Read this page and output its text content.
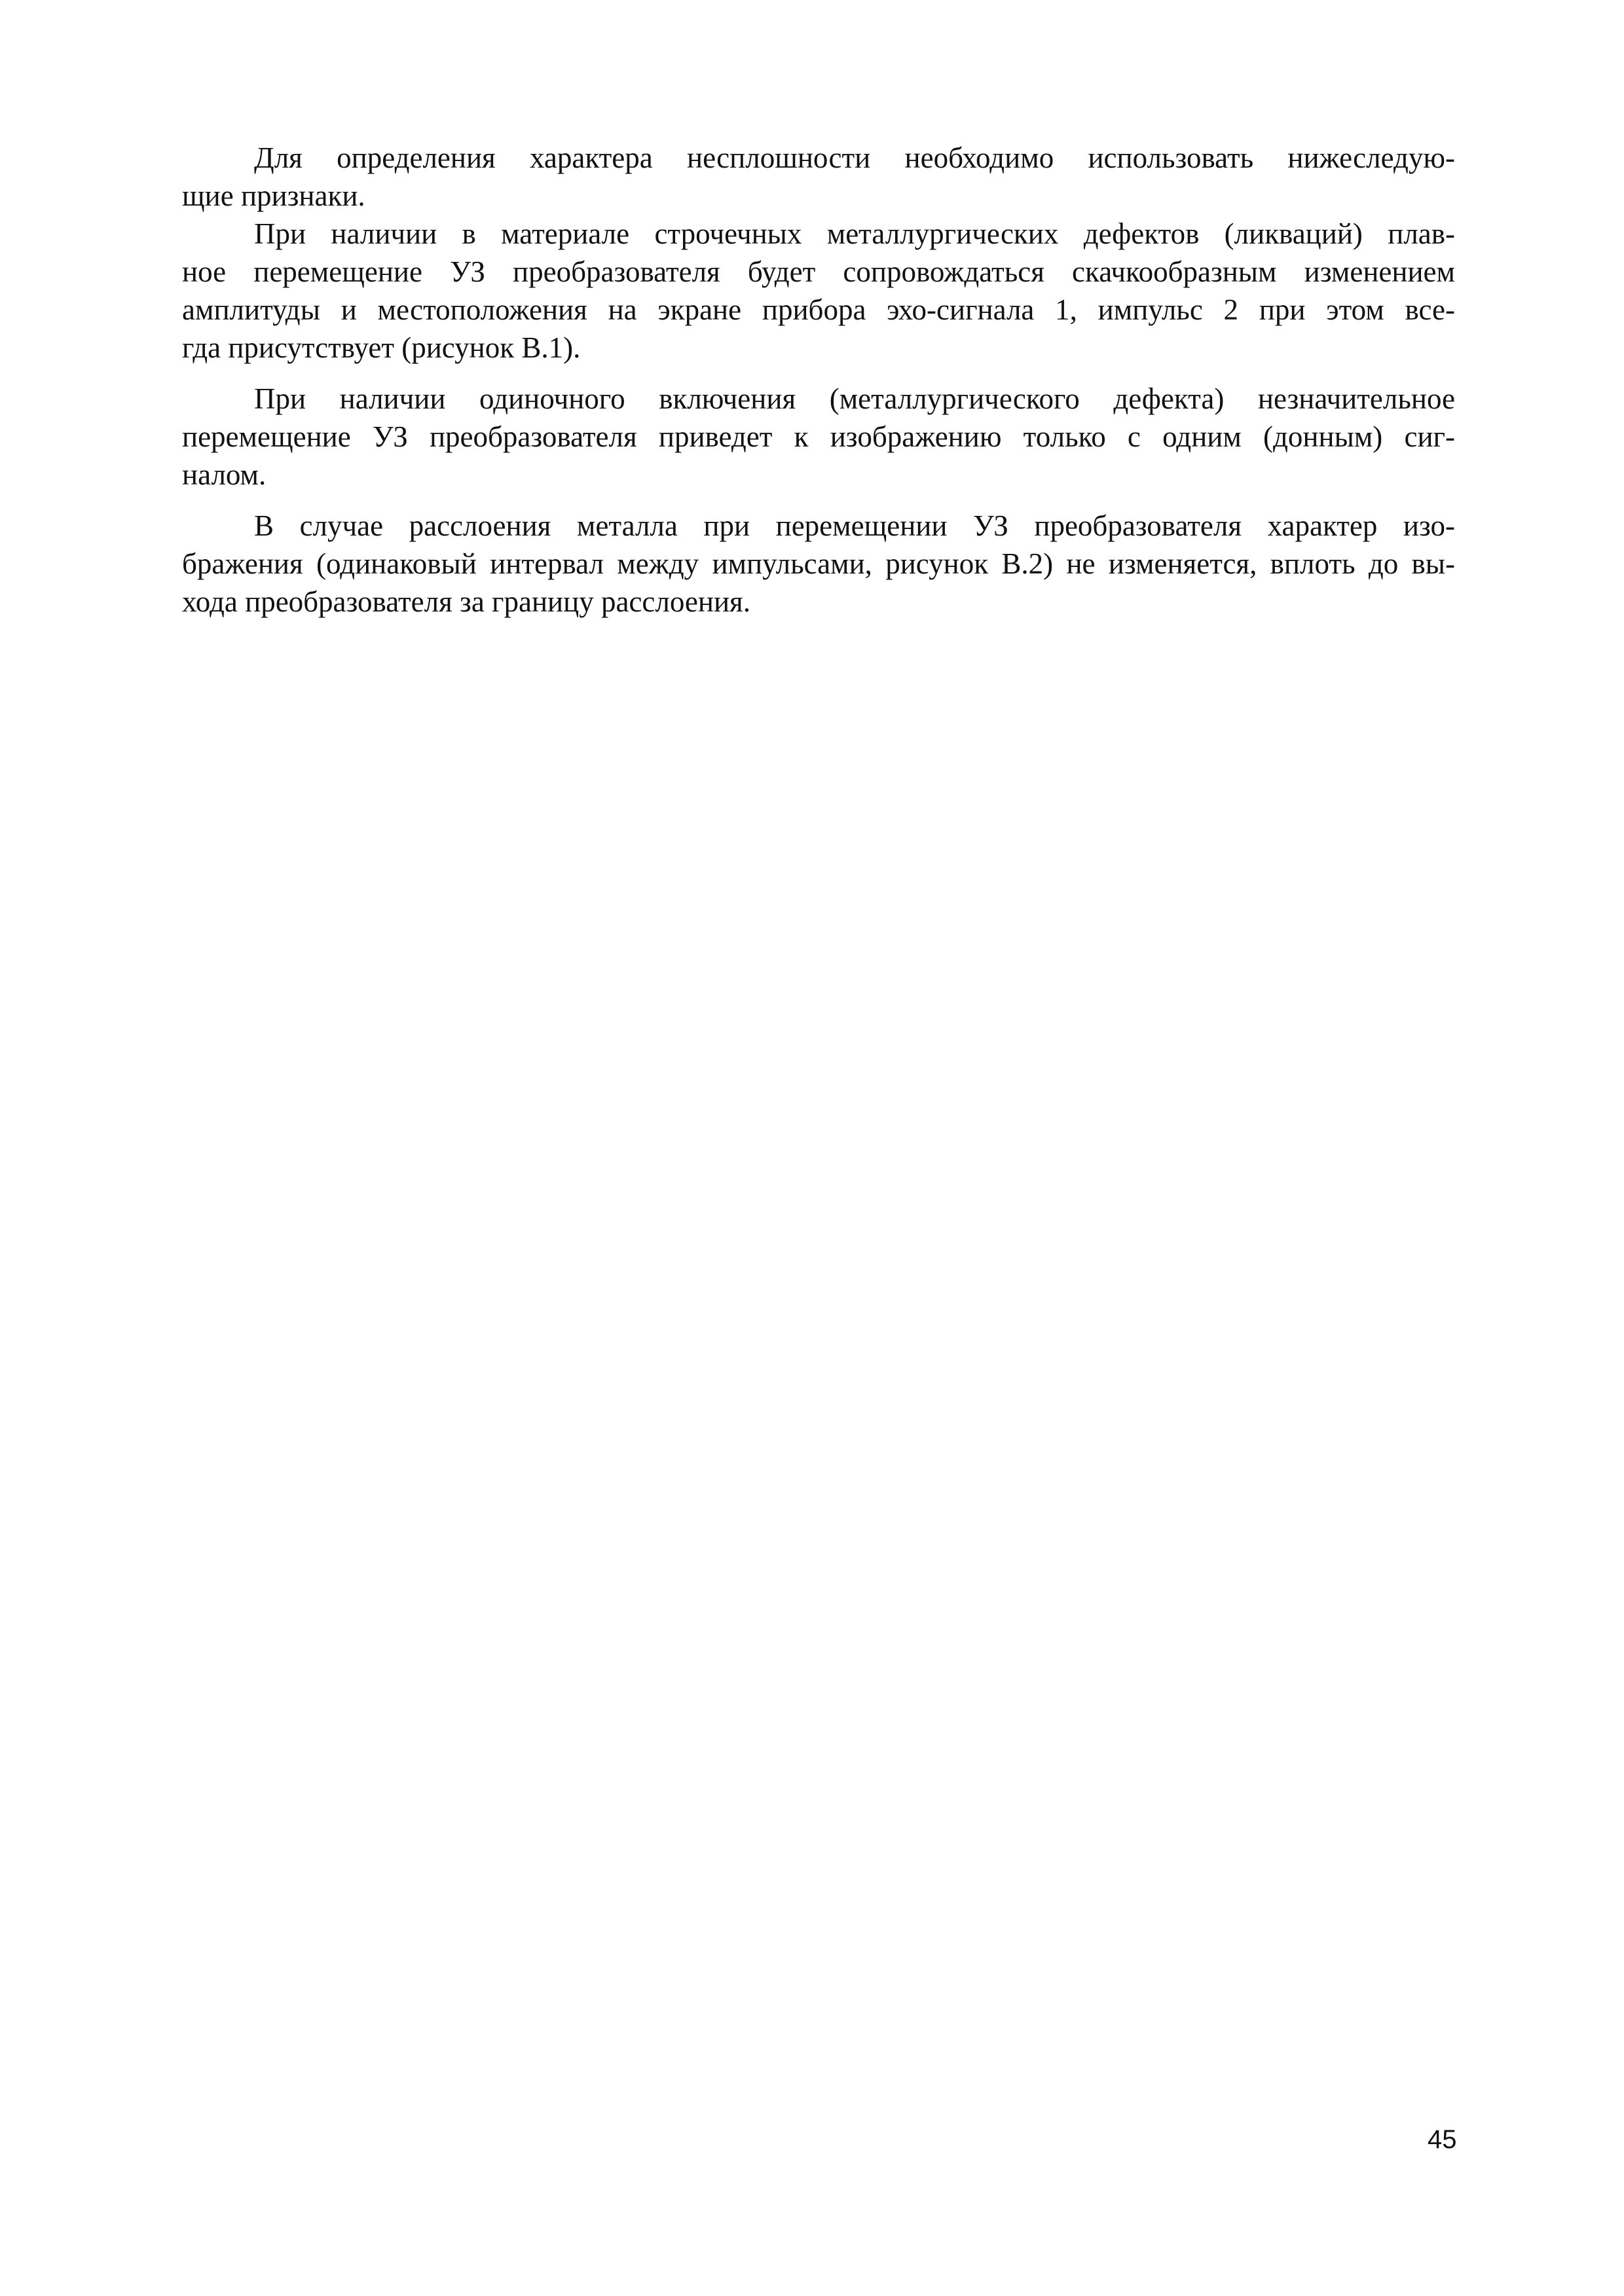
Для определения характера несплошности необходимо использовать нижеследую-
щие признаки.
При наличии в материале строчечных металлургических дефектов (ликваций) плав-
ное перемещение УЗ преобразователя будет сопровождаться скачкообразным изменением
амплитуды и местоположения на экране прибора эхо-сигнала 1, импульс 2 при этом все-
гда присутствует (рисунок В.1).
При наличии одиночного включения (металлургического дефекта) незначительное
перемещение УЗ преобразователя приведет к изображению только с одним (донным) сиг-
налом.
В случае расслоения металла при перемещении УЗ преобразователя характер изо-
бражения (одинаковый интервал между импульсами, рисунок В.2) не изменяется, вплоть до вы-
хода преобразователя за границу расслоения.
45
